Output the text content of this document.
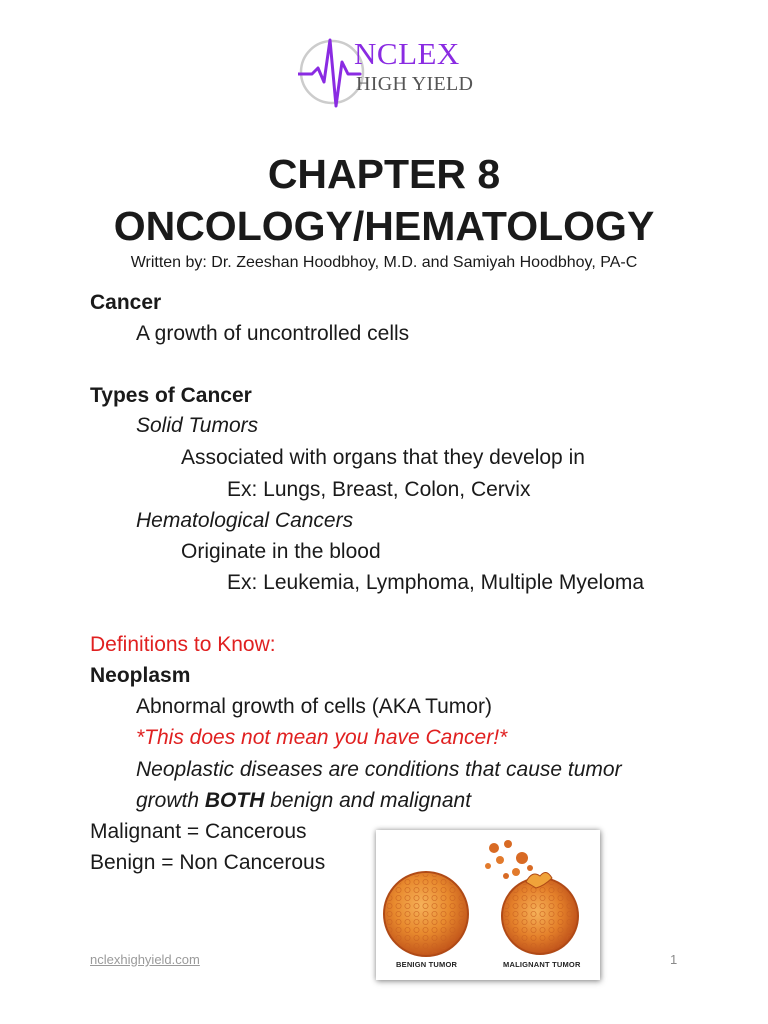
NCLEX
HIGH YIELD
CHAPTER 8
ONCOLOGY/HEMATOLOGY
Written by: Dr. Zeeshan Hoodbhoy, M.D. and Samiyah Hoodbhoy, PA-C
Cancer
A growth of uncontrolled cells
Types of Cancer
Solid Tumors
Associated with organs that they develop in
Ex: Lungs, Breast, Colon, Cervix
Hematological Cancers
Originate in the blood
Ex: Leukemia, Lymphoma, Multiple Myeloma
Definitions to Know:
Neoplasm
Abnormal growth of cells (AKA Tumor)
*This does not mean you have Cancer!*
Neoplastic diseases are conditions that cause tumor
growth BOTH benign and malignant
Malignant = Cancerous
Benign = Non Cancerous
BENIGN TUMOR	MALIGNANT TUMOR
nclexhighyield.com	1
